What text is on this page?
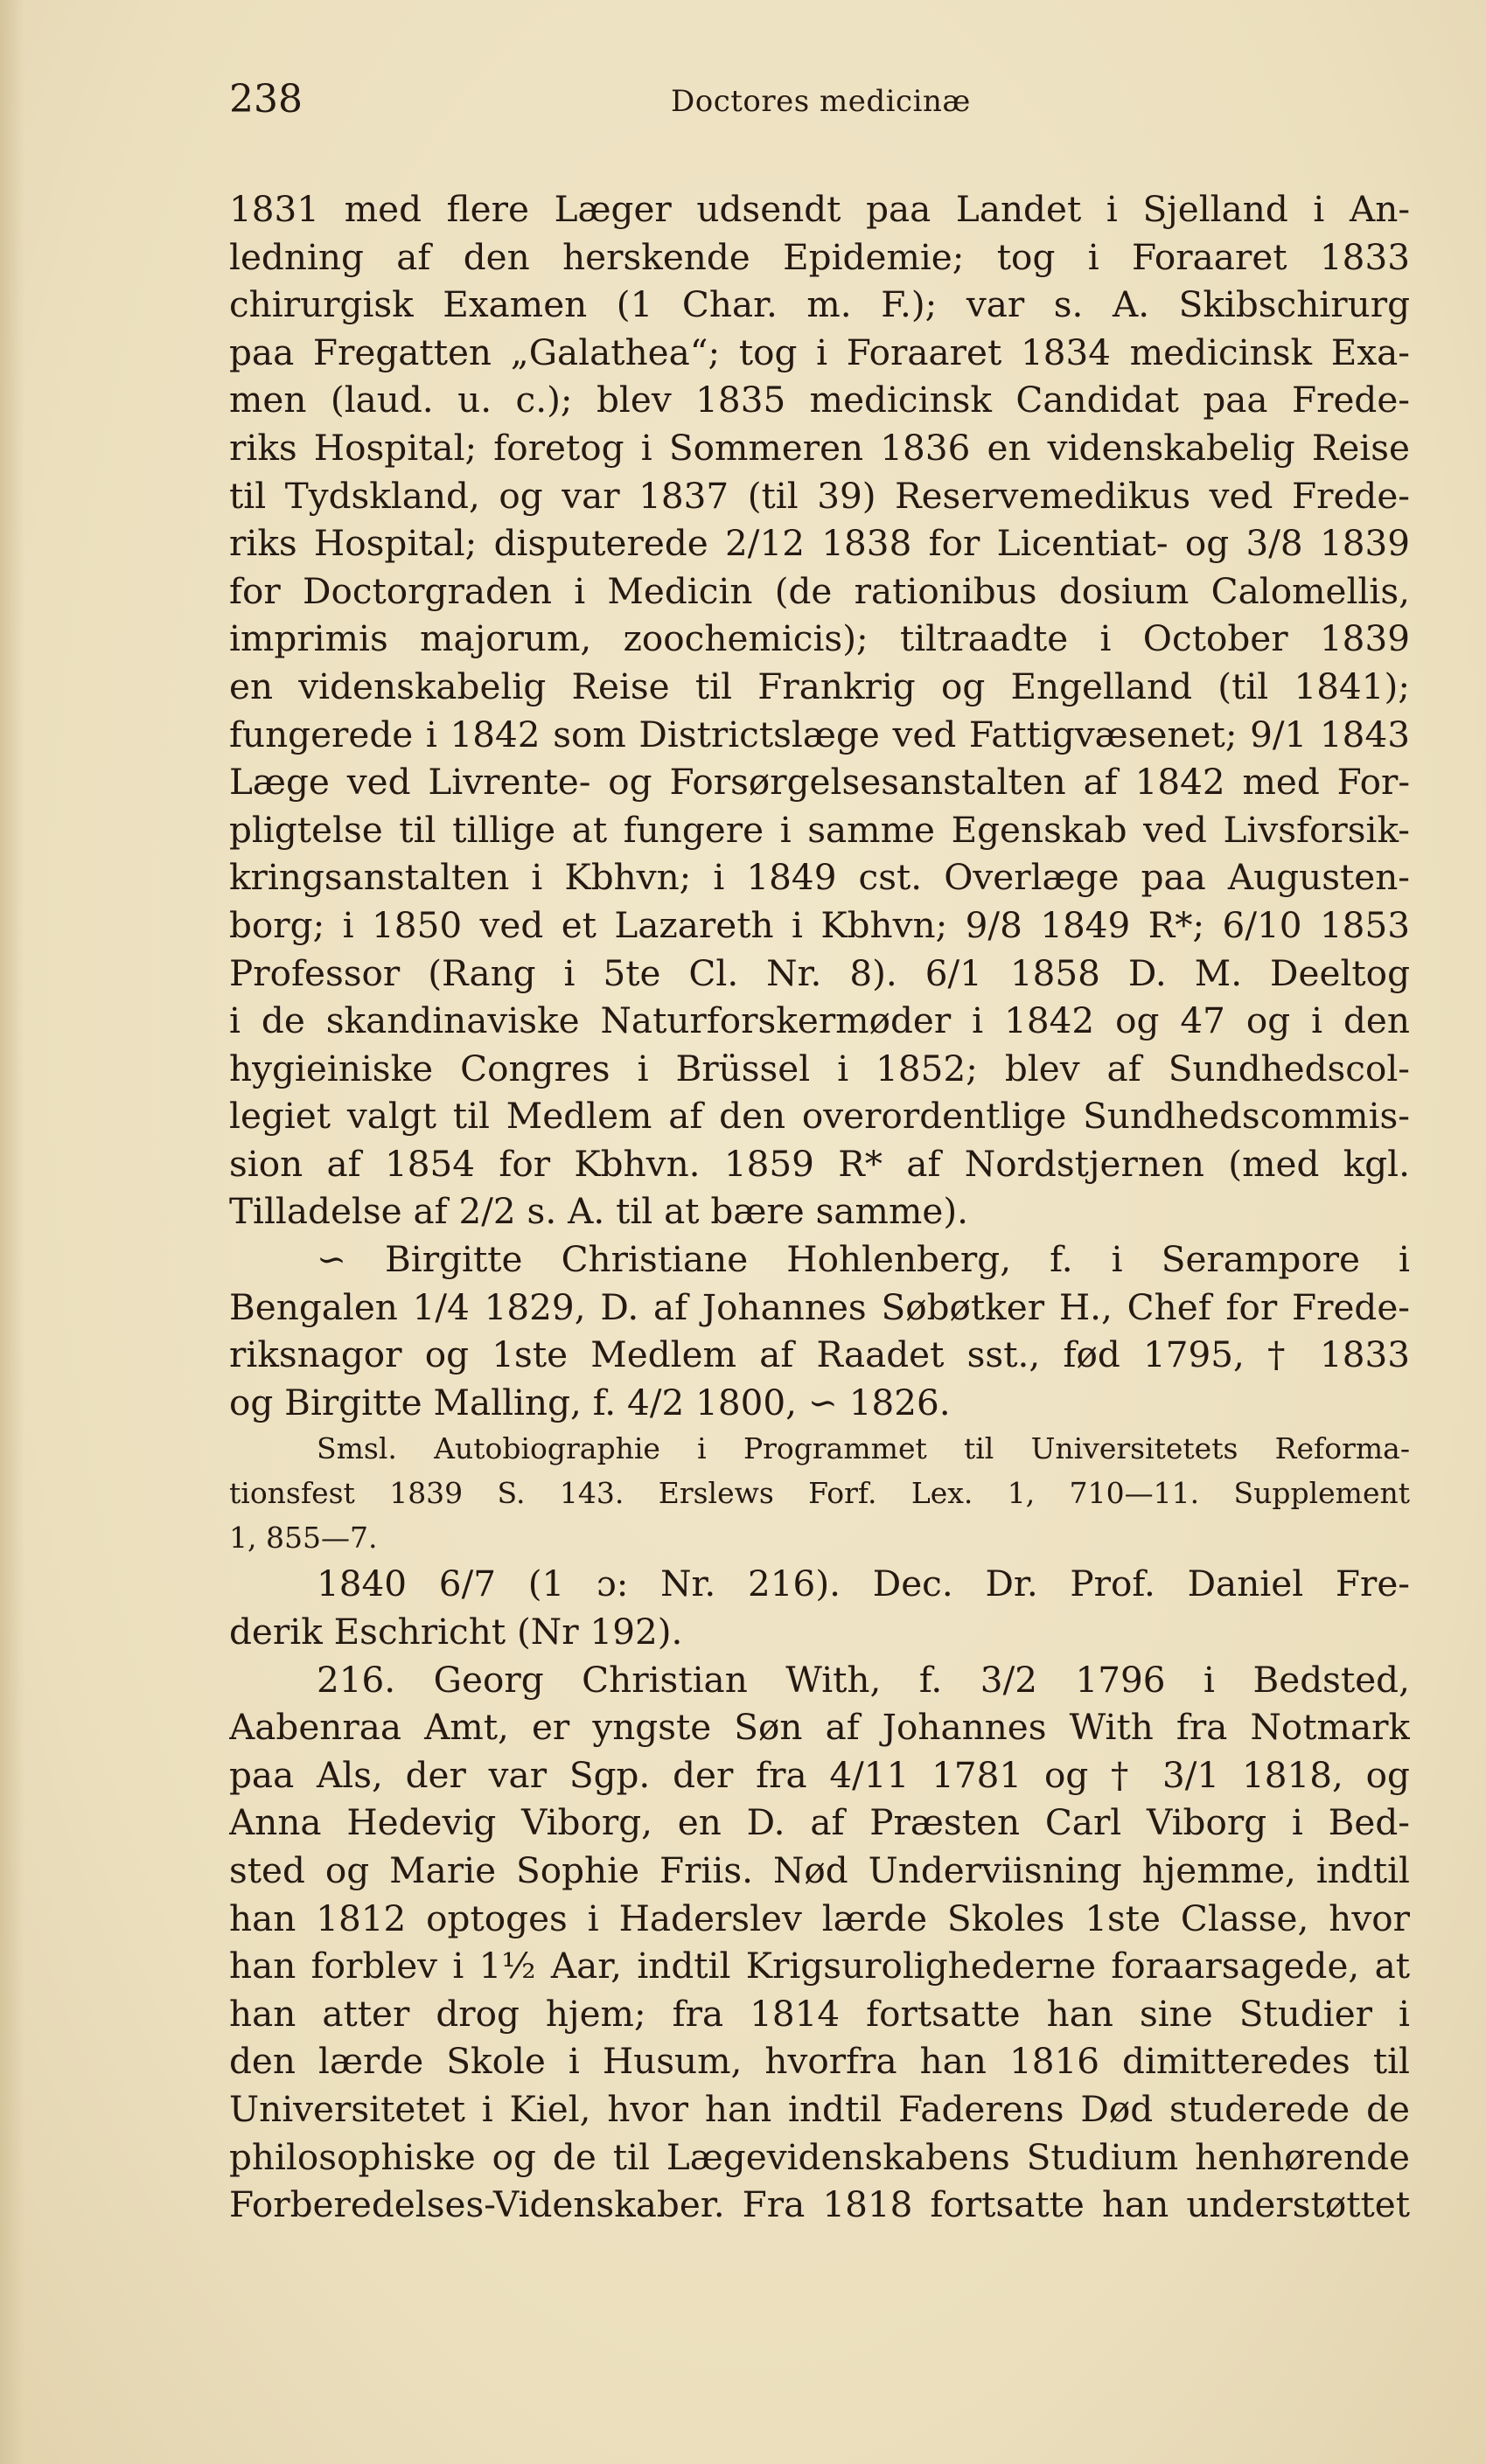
238	Doctores medicinæ
1831 med flere Læger udsendt paa Landet i Sjelland i An-
ledning af den herskende Epidemie; tog i Foraaret 1833
chirurgisk Examen (1 Char. m. F.); var s. A. Skibschirurg
paa Fregatten „Galathea“; tog i Foraaret 1834 medicinsk Exa-
men (laud. u. c.); blev 1835 medicinsk Candidat paa Frede-
riks Hospital; foretog i Sommeren 1836 en videnskabelig Reise
til Tydskland, og var 1837 (til 39) Reservemedikus ved Frede-
riks Hospital; disputerede 2/12 1838 for Licentiat- og 3/8 1839
for Doctorgraden i Medicin (de rationibus dosium Calomellis,
imprimis majorum, zoochemicis); tiltraadte i October 1839
en videnskabelig Reise til Frankrig og Engelland (til 1841);
fungerede i 1842 som Districtslæge ved Fattigvæsenet; 9/1 1843
Læge ved Livrente- og Forsørgelsesanstalten af 1842 med For-
pligtelse til tillige at fungere i samme Egenskab ved Livsforsik-
kringsanstalten i Kbhvn; i 1849 cst. Overlæge paa Augusten-
borg; i 1850 ved et Lazareth i Kbhvn; 9/8 1849 R*; 6/10 1853
Professor (Rang i 5te Cl. Nr. 8). 6/1 1858 D. M. Deeltog
i de skandinaviske Naturforskermøder i 1842 og 47 og i den
hygieiniske Congres i Brüssel i 1852; blev af Sundhedscol-
legiet valgt til Medlem af den overordentlige Sundhedscommis-
sion af 1854 for Kbhvn. 1859 R* af Nordstjernen (med kgl.
Tilladelse af 2/2 s. A. til at bære samme).
∽ Birgitte Christiane Hohlenberg, f. i Serampore i
Bengalen 1/4 1829, D. af Johannes Søbøtker H., Chef for Frede-
riksnagor og 1ste Medlem af Raadet sst., fød 1795, † 1833
og Birgitte Malling, f. 4/2 1800, ∽ 1826.
Smsl. Autobiographie i Programmet til Universitetets Reforma-
tionsfest 1839 S. 143. Erslews Forf. Lex. 1, 710—11. Supplement
1, 855—7.
1840 6/7 (1 ɔ: Nr. 216). Dec. Dr. Prof. Daniel Fre-
derik Eschricht (Nr 192).
216. Georg Christian With, f. 3/2 1796 i Bedsted,
Aabenraa Amt, er yngste Søn af Johannes With fra Notmark
paa Als, der var Sgp. der fra 4/11 1781 og † 3/1 1818, og
Anna Hedevig Viborg, en D. af Præsten Carl Viborg i Bed-
sted og Marie Sophie Friis. Nød Underviisning hjemme, indtil
han 1812 optoges i Haderslev lærde Skoles 1ste Classe, hvor
han forblev i 1½ Aar, indtil Krigsurolighederne foraarsagede, at
han atter drog hjem; fra 1814 fortsatte han sine Studier i
den lærde Skole i Husum, hvorfra han 1816 dimitteredes til
Universitetet i Kiel, hvor han indtil Faderens Død studerede de
philosophiske og de til Lægevidenskabens Studium henhørende
Forberedelses-Videnskaber. Fra 1818 fortsatte han understøttet
